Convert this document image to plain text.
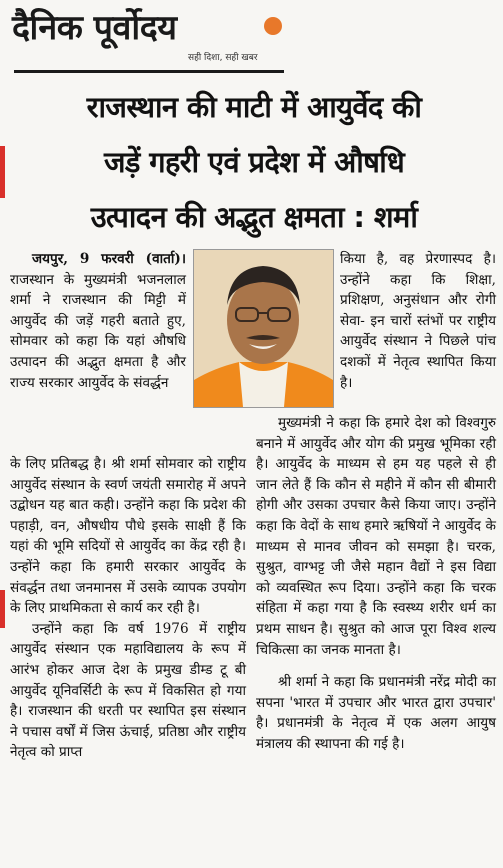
दैनिक पूर्वोदय
सही दिशा, सही खबर
राजस्थान की माटी में आयुर्वेद की
जड़ें गहरी एवं प्रदेश में औषधि
उत्पादन की अद्भुत क्षमता : शर्मा

जयपुर, 9 फरवरी (वार्ता)। राजस्थान के मुख्यमंत्री भजनलाल शर्मा ने राजस्थान की मिट्टी में आयुर्वेद की जड़ें गहरी बताते हुए, सोमवार को कहा कि यहां औषधि उत्पादन की अद्भुत क्षमता है और राज्य सरकार आयुर्वेद के संवर्द्धन

के लिए प्रतिबद्ध है। श्री शर्मा सोमवार को राष्ट्रीय आयुर्वेद संस्थान के स्वर्ण जयंती समारोह में अपने उद्बोधन यह बात कही। उन्होंने कहा कि प्रदेश की पहाड़ी, वन, औषधीय पौधे इसके साक्षी हैं कि यहां की भूमि सदियों से आयुर्वेद का केंद्र रही है। उन्होंने कहा कि हमारी सरकार आयुर्वेद के संवर्द्धन तथा जनमानस में उसके व्यापक उपयोग के लिए प्राथमिकता से कार्य कर रही है।

उन्होंने कहा कि वर्ष 1976 में राष्ट्रीय आयुर्वेद संस्थान एक महाविद्यालय के रूप में आरंभ होकर आज देश के प्रमुख डीम्ड टू बी आयुर्वेद यूनिवर्सिटी के रूप में विकसित हो गया है। राजस्थान की धरती पर स्थापित इस संस्थान ने पचास वर्षों में जिस ऊंचाई, प्रतिष्ठा और राष्ट्रीय नेतृत्व को प्राप्त

किया है, वह प्रेरणास्पद है। उन्होंने कहा कि शिक्षा, प्रशिक्षण, अनुसंधान और रोगी सेवा- इन चारों स्तंभों पर राष्ट्रीय आयुर्वेद संस्थान ने पिछले पांच दशकों में नेतृत्व स्थापित किया है।

मुख्यमंत्री ने कहा कि हमारे देश को विश्वगुरु बनाने में आयुर्वेद और योग की प्रमुख भूमिका रही है। आयुर्वेद के माध्यम से हम यह पहले से ही जान लेते हैं कि कौन से महीने में कौन सी बीमारी होगी और उसका उपचार कैसे किया जाए। उन्होंने कहा कि वेदों के साथ हमारे ऋषियों ने आयुर्वेद के माध्यम से मानव जीवन को समझा है। चरक, सुश्रुत, वाग्भट्ट जी जैसे महान वैद्यों ने इस विद्या को व्यवस्थित रूप दिया। उन्होंने कहा कि चरक संहिता में कहा गया है कि स्वस्थ्य शरीर धर्म का प्रथम साधन है। सुश्रुत को आज पूरा विश्व शल्य चिकित्सा का जनक मानता है।

श्री शर्मा ने कहा कि प्रधानमंत्री नरेंद्र मोदी का सपना 'भारत में उपचार और भारत द्वारा उपचार' है। प्रधानमंत्री के नेतृत्व में एक अलग आयुष मंत्रालय की स्थापना की गई है।
